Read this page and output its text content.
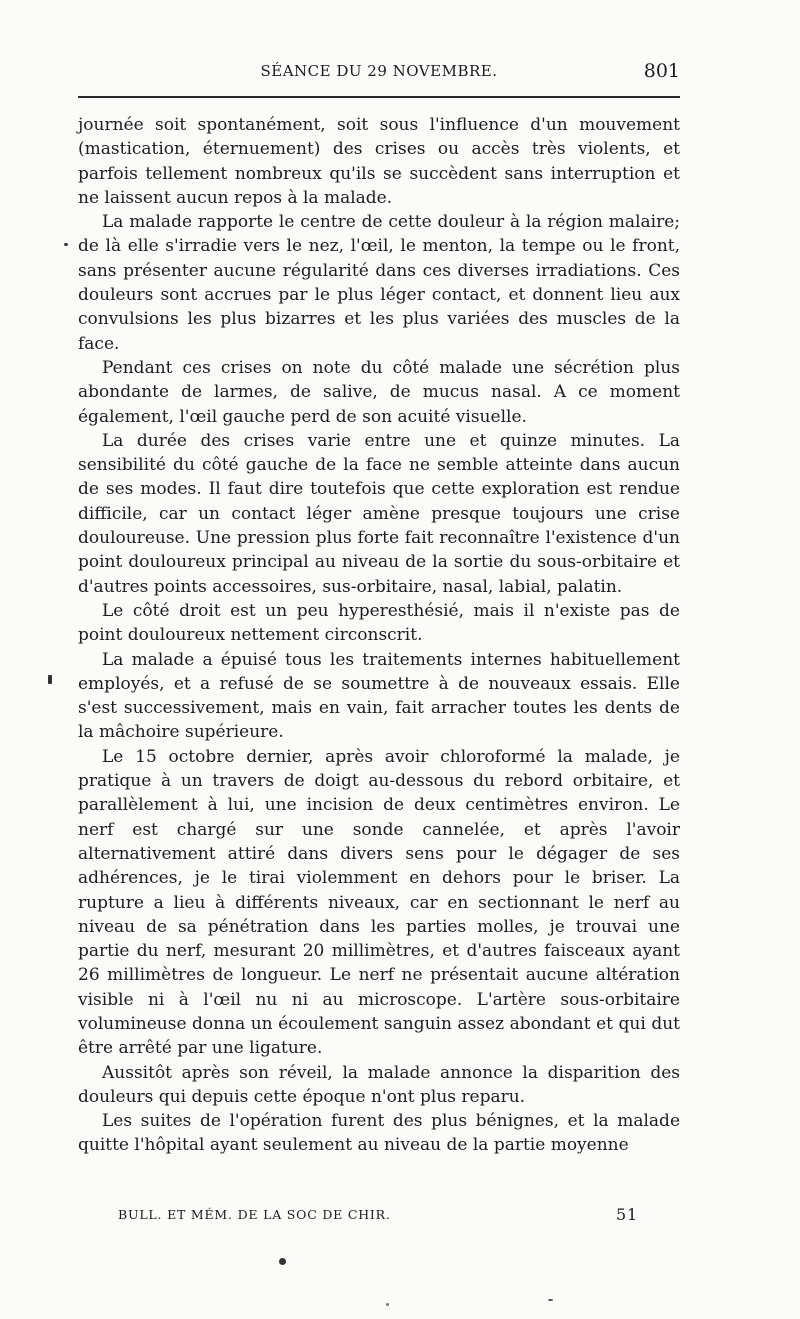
SÉANCE DU 29 NOVEMBRE.	801

journée soit spontanément, soit sous l'influence d'un mouvement (mastication, éternuement) des crises ou accès très violents, et parfois tellement nombreux qu'ils se succèdent sans interruption et ne laissent aucun repos à la malade.

La malade rapporte le centre de cette douleur à la région malaire; de là elle s'irradie vers le nez, l'œil, le menton, la tempe ou le front, sans présenter aucune régularité dans ces diverses irradiations. Ces douleurs sont accrues par le plus léger contact, et donnent lieu aux convulsions les plus bizarres et les plus variées des muscles de la face.

Pendant ces crises on note du côté malade une sécrétion plus abondante de larmes, de salive, de mucus nasal. A ce moment également, l'œil gauche perd de son acuité visuelle.

La durée des crises varie entre une et quinze minutes. La sensibilité du côté gauche de la face ne semble atteinte dans aucun de ses modes. Il faut dire toutefois que cette exploration est rendue difficile, car un contact léger amène presque toujours une crise douloureuse. Une pression plus forte fait reconnaître l'existence d'un point douloureux principal au niveau de la sortie du sous-orbitaire et d'autres points accessoires, sus-orbitaire, nasal, labial, palatin.

Le côté droit est un peu hyperesthésié, mais il n'existe pas de point douloureux nettement circonscrit.

La malade a épuisé tous les traitements internes habituellement employés, et a refusé de se soumettre à de nouveaux essais. Elle s'est successivement, mais en vain, fait arracher toutes les dents de la mâchoire supérieure.

Le 15 octobre dernier, après avoir chloroformé la malade, je pratique à un travers de doigt au-dessous du rebord orbitaire, et parallèlement à lui, une incision de deux centimètres environ. Le nerf est chargé sur une sonde cannelée, et après l'avoir alternativement attiré dans divers sens pour le dégager de ses adhérences, je le tirai violemment en dehors pour le briser. La rupture a lieu à différents niveaux, car en sectionnant le nerf au niveau de sa pénétration dans les parties molles, je trouvai une partie du nerf, mesurant 20 millimètres, et d'autres faisceaux ayant 26 millimètres de longueur. Le nerf ne présentait aucune altération visible ni à l'œil nu ni au microscope. L'artère sous-orbitaire volumineuse donna un écoulement sanguin assez abondant et qui dut être arrêté par une ligature.

Aussitôt après son réveil, la malade annonce la disparition des douleurs qui depuis cette époque n'ont plus reparu.

Les suites de l'opération furent des plus bénignes, et la malade quitte l'hôpital ayant seulement au niveau de la partie moyenne

BULL. ET MÉM. DE LA SOC DE CHIR.	51
